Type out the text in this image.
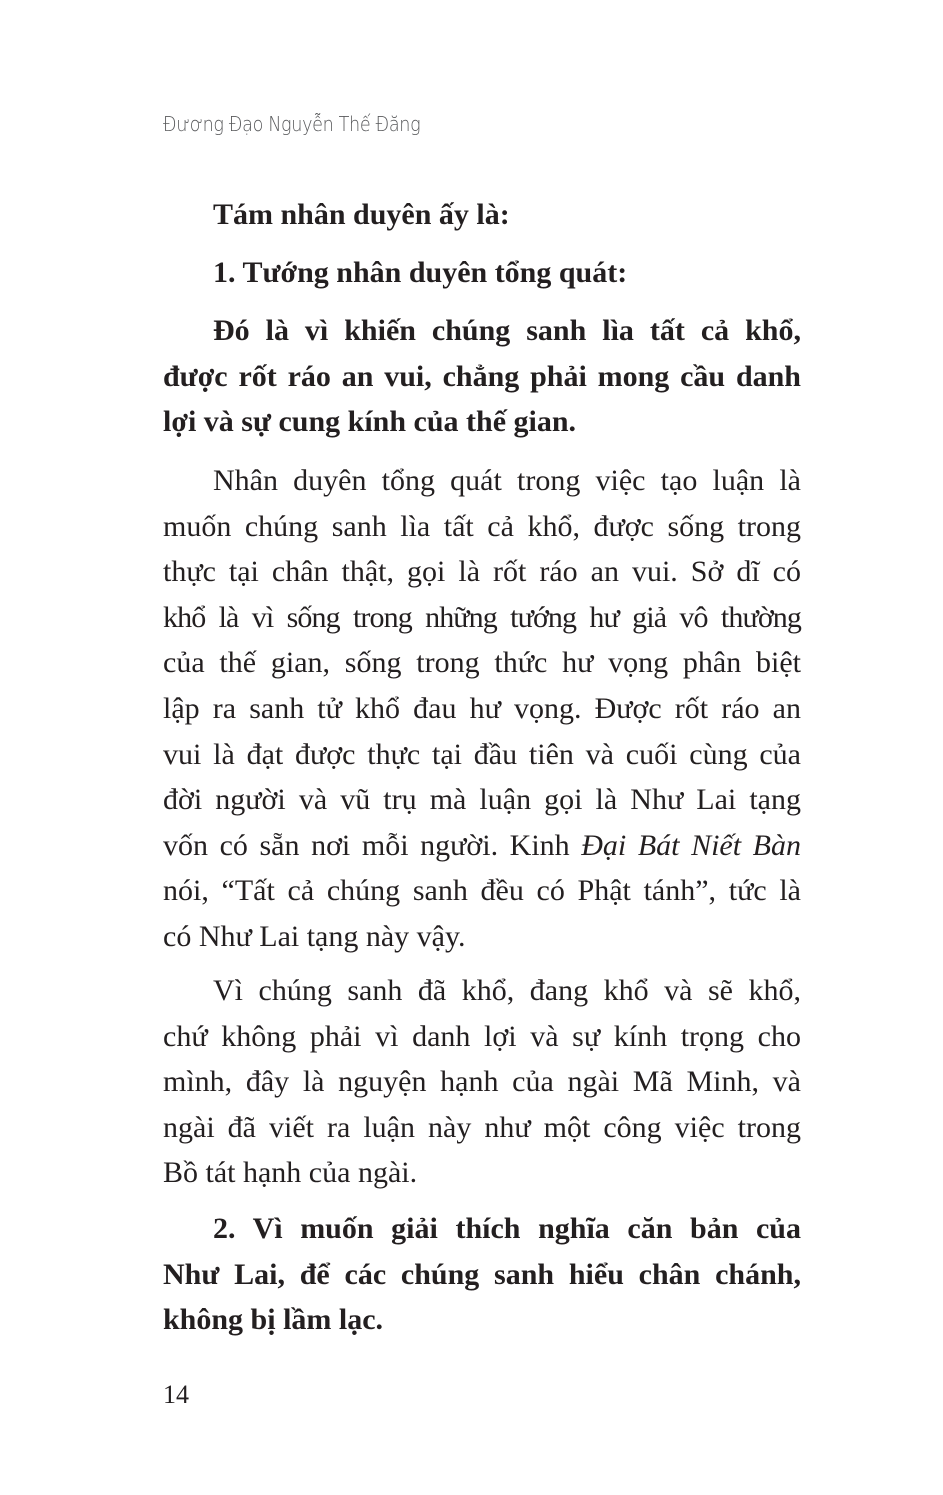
Đương Đạo Nguyễn Thế Đăng
Tám nhân duyên ấy là:
1. Tướng nhân duyên tổng quát:
Đó là vì khiến chúng sanh lìa tất cả khổ,
được rốt ráo an vui, chẳng phải mong cầu danh
lợi và sự cung kính của thế gian.
Nhân duyên tổng quát trong việc tạo luận là
muốn chúng sanh lìa tất cả khổ, được sống trong
thực tại chân thật, gọi là rốt ráo an vui. Sở dĩ có
khổ là vì sống trong những tướng hư giả vô thường
của thế gian, sống trong thức hư vọng phân biệt
lập ra sanh tử khổ đau hư vọng. Được rốt ráo an
vui là đạt được thực tại đầu tiên và cuối cùng của
đời người và vũ trụ mà luận gọi là Như Lai tạng
vốn có sẵn nơi mỗi người. Kinh Đại Bát Niết Bàn
nói, “Tất cả chúng sanh đều có Phật tánh”, tức là
có Như Lai tạng này vậy.
Vì chúng sanh đã khổ, đang khổ và sẽ khổ,
chứ không phải vì danh lợi và sự kính trọng cho
mình, đây là nguyện hạnh của ngài Mã Minh, và
ngài đã viết ra luận này như một công việc trong
Bồ tát hạnh của ngài.
2. Vì muốn giải thích nghĩa căn bản của
Như Lai, để các chúng sanh hiểu chân chánh,
không bị lầm lạc.
14
